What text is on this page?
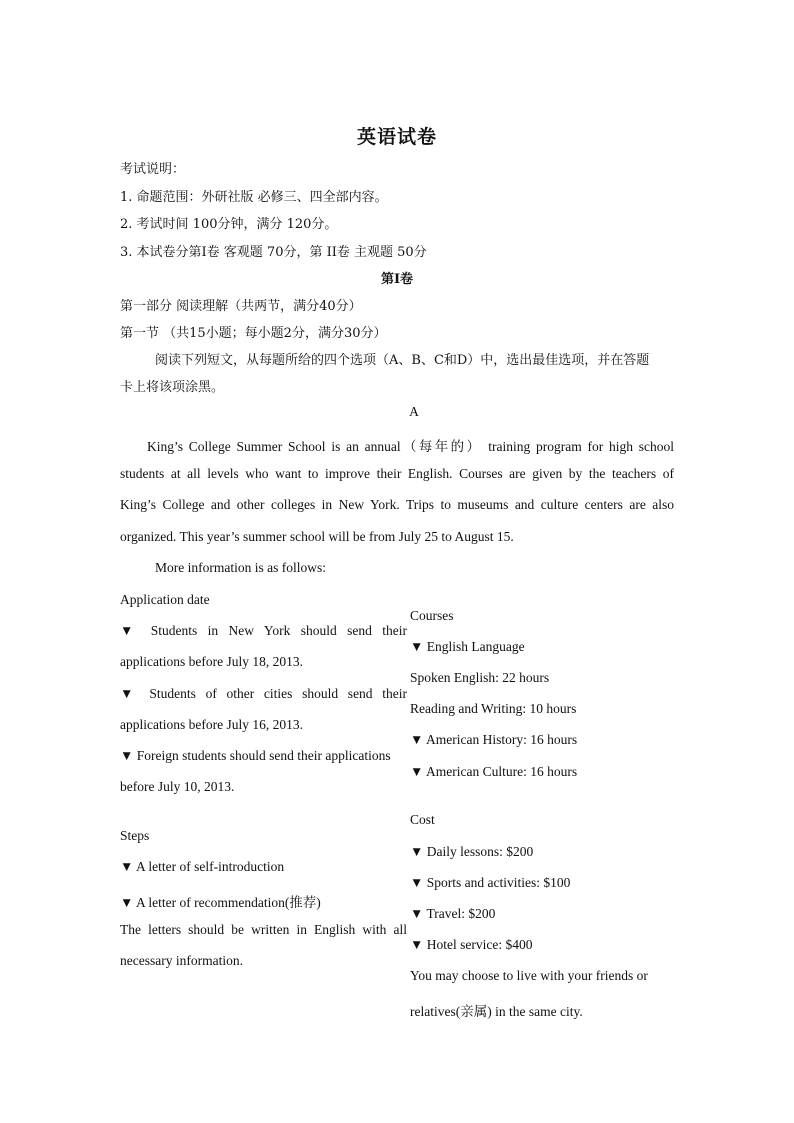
英语试卷
考试说明：
1. 命题范围：外研社版 必修三、四全部内容。
2. 考试时间 100分钟，满分 120分。
3. 本试卷分第Ⅰ卷 客观题 70分，第 II卷 主观题 50分
第Ⅰ卷
第一部分 阅读理解（共两节，满分40分）
第一节 （共15小题；每小题2分，满分30分）
阅读下列短文，从每题所给的四个选项（A、B、C和D）中，选出最佳选项，并在答题
卡上将该项涂黑。
A
King’s College Summer School is an annual（每年的） training program for high school
students at all levels who want to improve their English. Courses are given by the teachers of
King’s College and other colleges in New York. Trips to museums and culture centers are also
organized. This year’s summer school will be from July 25 to August 15.
More information is as follows:
Application date
▼ Students in New York should send their
applications before July 18, 2013.
▼ Students of other cities should send their
applications before July 16, 2013.
▼ Foreign students should send their applications
before July 10, 2013.
Steps
▼ A letter of self-introduction
▼ A letter of recommendation(推荐)
The letters should be written in English with all
necessary information.
Courses
▼ English Language
Spoken English: 22 hours
Reading and Writing: 10 hours
▼ American History: 16 hours
▼ American Culture: 16 hours
Cost
▼ Daily lessons: $200
▼ Sports and activities: $100
▼ Travel: $200
▼ Hotel service: $400
You may choose to live with your friends or
relatives(亲属) in the same city.
